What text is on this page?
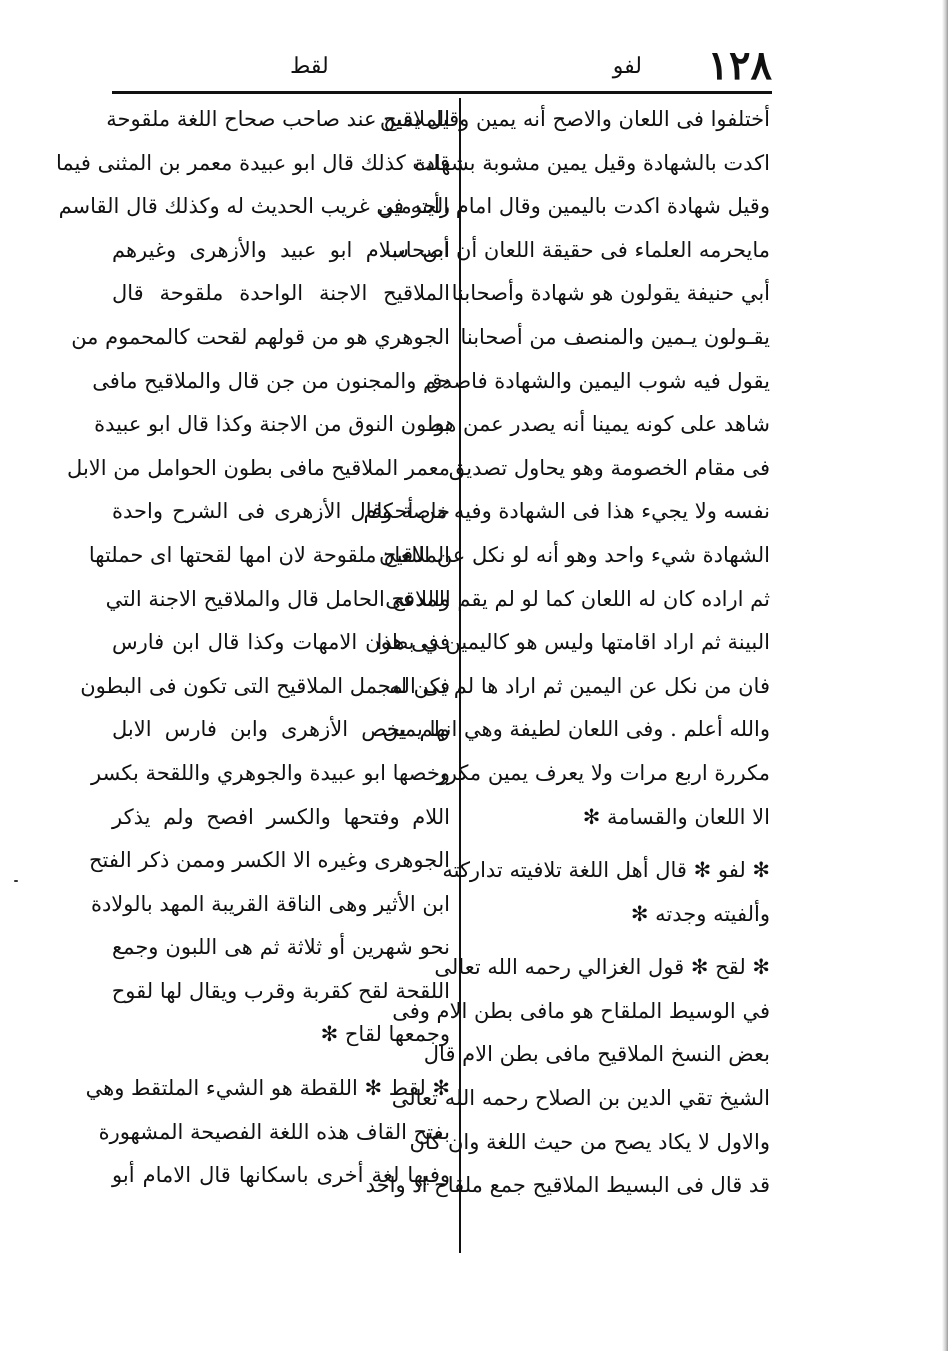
١٢٨
لفو
لقط
أختلفوا فى اللعان والاصح أنه يمين وقيل يمين
اكدت بالشهادة وقيل يمين مشوبة بشهادة
وقيل شهادة اكدت باليمين وقال امام الحرمين
مايحرمه العلماء فى حقيقة اللعان أن أصحاب
أبي حنيفة يقولون هو شهادة وأصحابنا
يقـولون يـمين والمنصف من أصحابنا
يقول فيه شوب اليمين والشهادة فاصدق
شاهد على كونه يمينا أنه يصدر عمن هو
فى مقام الخصومة وهو يحاول تصديق
نفسه ولا يجيء هذا فى الشهادة وفيه من أحكام
الشهادة شيء واحد وهو أنه لو نكل عن اللعان
ثم اراده كان له اللعان كما لو لم يقم المدعى
البينة ثم اراد اقامتها وليس هو كاليمين فى هذا
فان من نكل عن اليمين ثم اراد ها لم يكن له .
والله أعلم . وفى اللعان لطيفة وهي انها يمين
مكررة اربع مرات ولا يعرف يمين مكرر
الا اللعان والقسامة ✻
✻ لفو ✻ قال أهل اللغة تلافيته تداركته
وألفيته وجدته ✻
✻ لقح ✻ قول الغزالي رحمه الله تعالى
في الوسيط الملقاح هو مافى بطن الام وفى
بعض النسخ الملاقيح مافى بطن الام قال
الشيخ تقي الدين بن الصلاح رحمه الله تعالى
والاول لا يكاد يصح من حيث اللغة وان كان
قد قال فى البسيط الملاقيح جمع ملقاح اذ واحد
الملاقيح عند صاحب صحاح اللغة ملقوحة
قلت كذلك قال ابو عبيدة معمر بن المثنى فيما
رأيته فى غريب الحديث له وكذلك قال القاسم
ابن سلام ابو عبيد والأزهرى وغيرهم
الملاقيح الاجنة الواحدة ملقوحة قال
الجوهري هو من قولهم لقحت كالمحموم من
حم والمجنون من جن قال والملاقيح مافى
بطون النوق من الاجنة وكذا قال ابو عبيدة
معمر الملاقيح مافى بطون الحوامل من الابل
خاصة وقال الأزهرى فى الشرح واحدة
الملاقيح ملقوحة لان امها لقحتها اى حملتها
واللاقح الحامل قال والملاقيح الاجنة التي
في بطون الامهات وكذا قال ابن فارس
فى المجمل الملاقيح التى تكون فى البطون
ولم يخص الأزهرى وابن فارس الابل
وخصها ابو عبيدة والجوهري واللقحة بكسر
اللام وفتحها والكسر افصح ولم يذكر
الجوهرى وغيره الا الكسر وممن ذكر الفتح
ابن الأثير وهى الناقة القريبة المهد بالولادة
نحو شهرين أو ثلاثة ثم هى اللبون وجمع
اللقحة لقح كقربة وقرب ويقال لها لقوح
وجمعها لقاح ✻
✻ لقط ✻ اللقطة هو الشيء الملتقط وهي
بفتح القاف هذه اللغة الفصيحة المشهورة
وفيها لغة أخرى باسكانها قال الامام أبو
